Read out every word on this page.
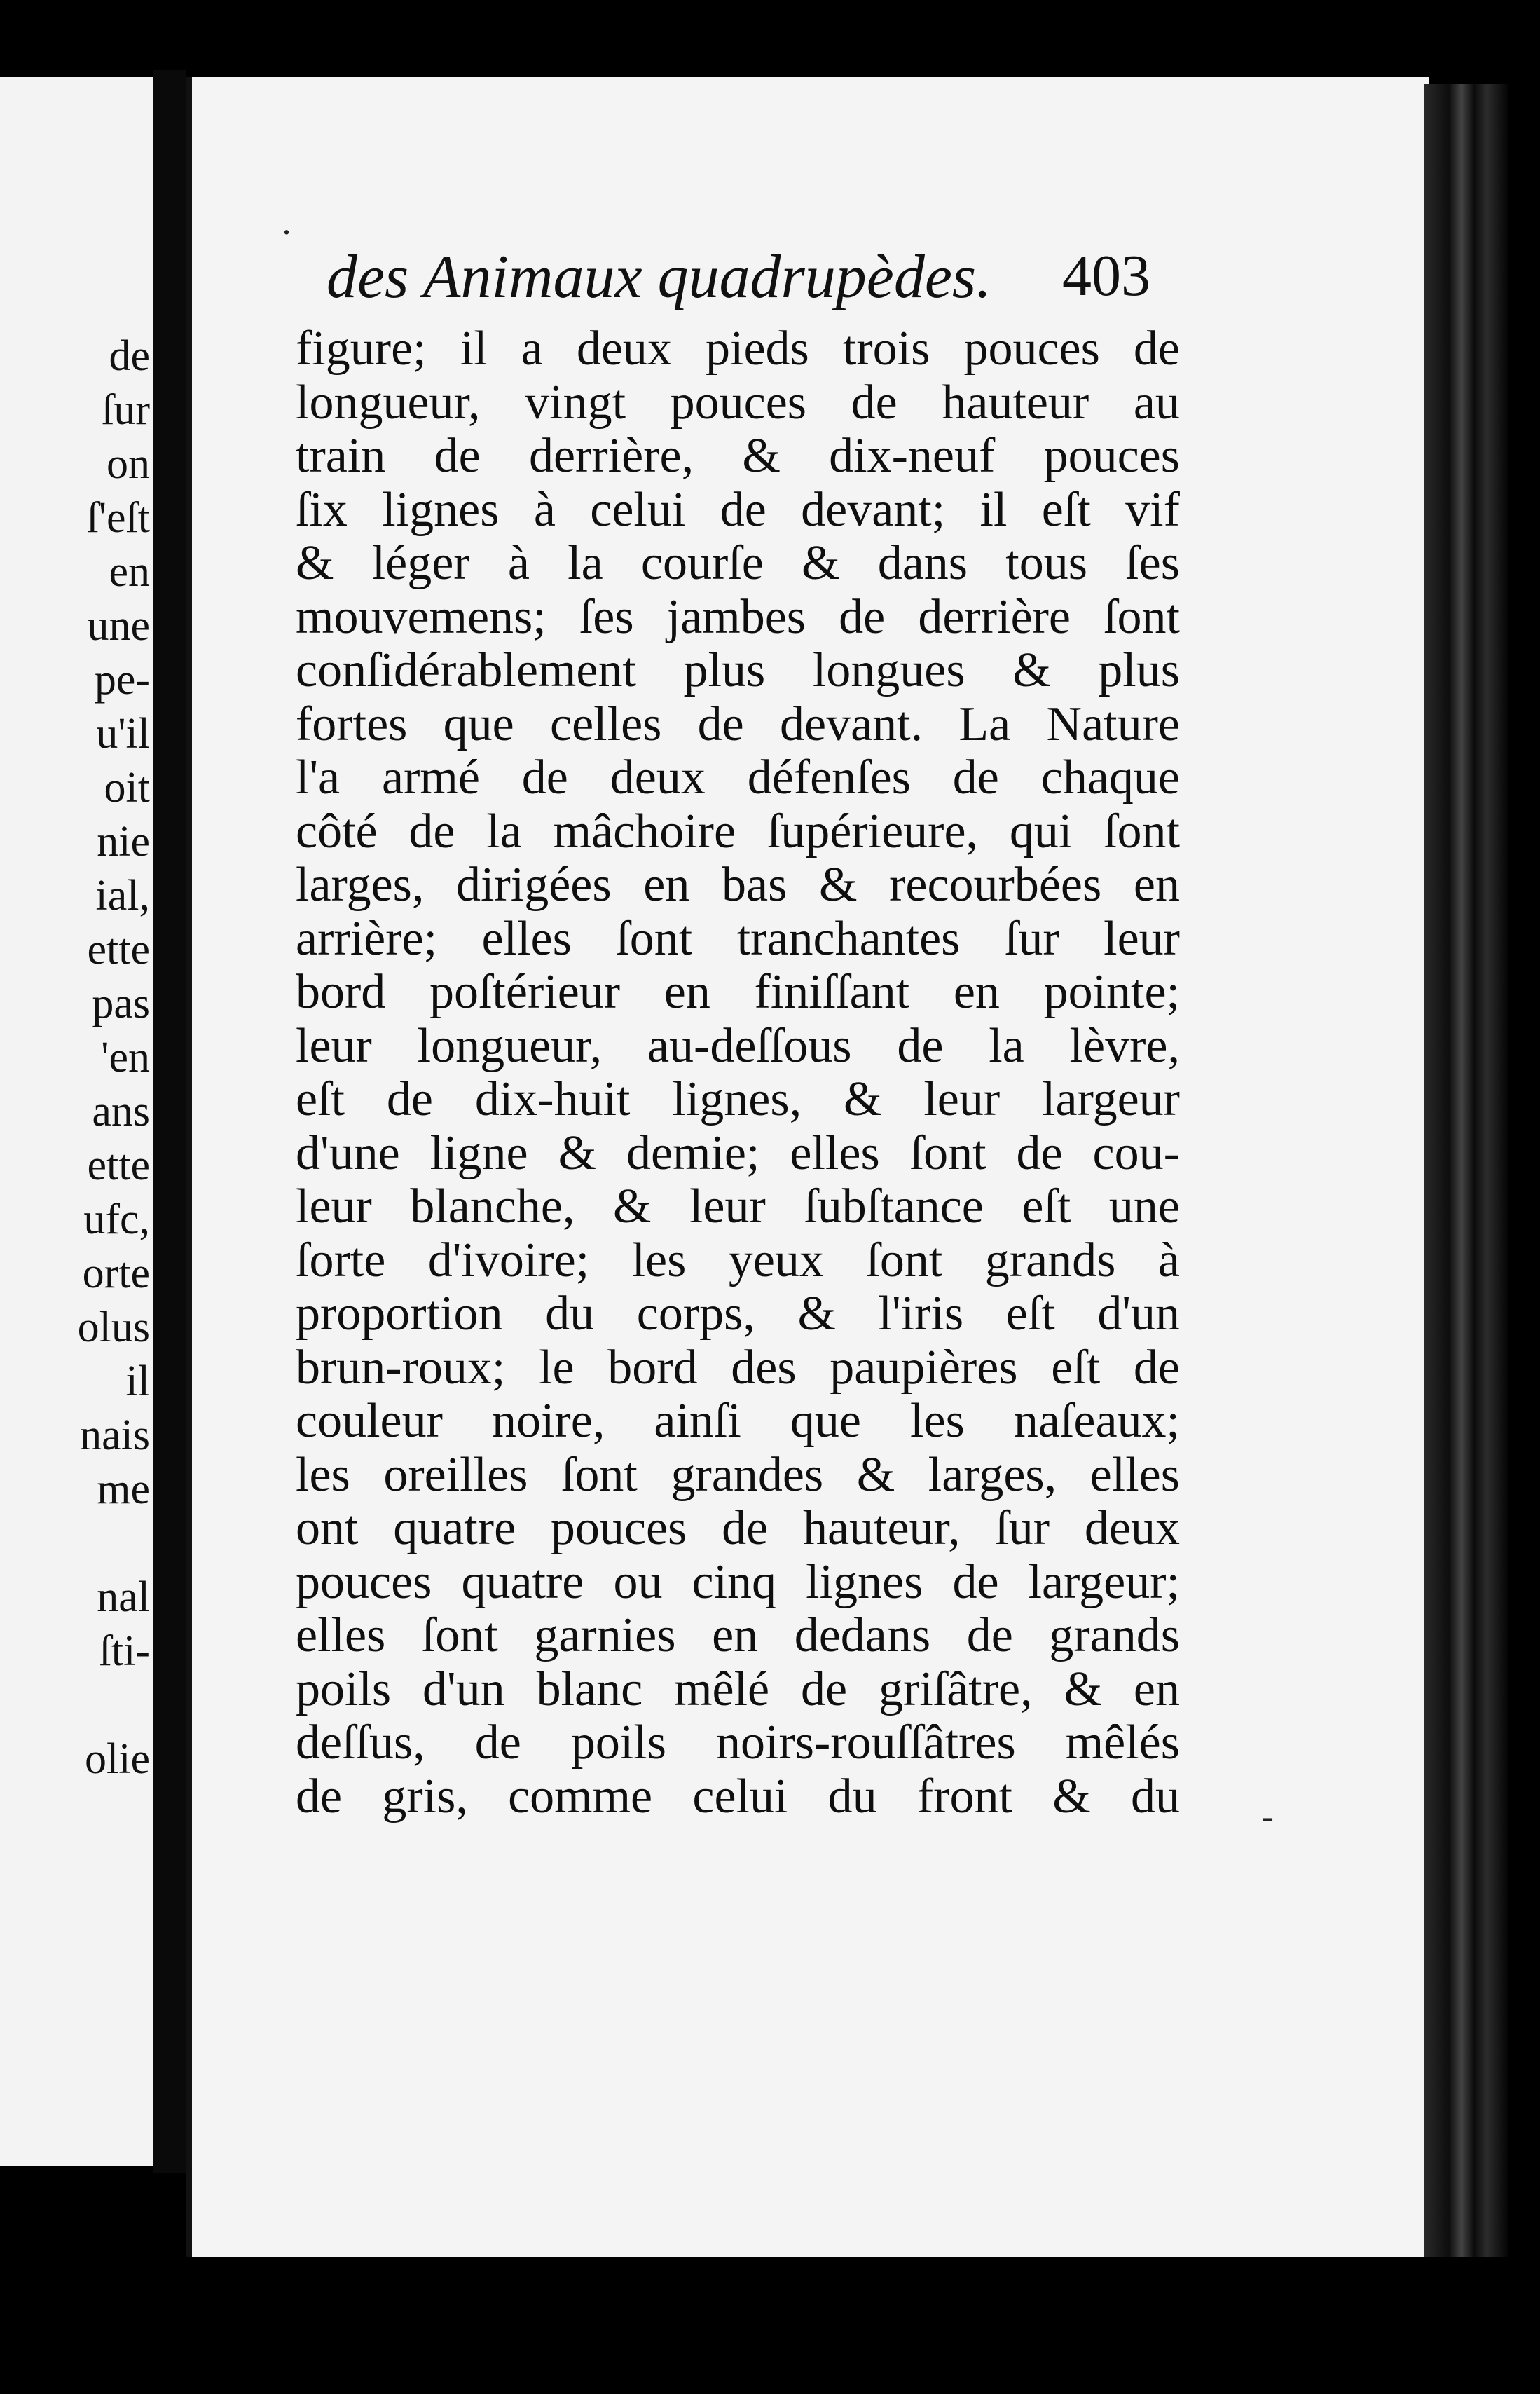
de
ſur
on
ſ'eſt
en
une
pe-
u'il
oit
nie
ial,
ette
pas
'en
ans
ette
ufc,
orte
olus
il
nais
me
nal
ſti-
olie
·
‐
des Animaux quadrupèdes. 403
figure; il a deux pieds trois pouces de
longueur, vingt pouces de hauteur au
train de derrière, & dix-neuf pouces
ſix lignes à celui de devant; il eſt vif
& léger à la courſe & dans tous ſes
mouvemens; ſes jambes de derrière ſont
conſidérablement plus longues & plus
fortes que celles de devant. La Nature
l'a armé de deux défenſes de chaque
côté de la mâchoire ſupérieure, qui ſont
larges, dirigées en bas & recourbées en
arrière; elles ſont tranchantes ſur leur
bord poſtérieur en finiſſant en pointe;
leur longueur, au-deſſous de la lèvre,
eſt de dix-huit lignes, & leur largeur
d'une ligne & demie; elles ſont de cou-
leur blanche, & leur ſubſtance eſt une
ſorte d'ivoire; les yeux ſont grands à
proportion du corps, & l'iris eſt d'un
brun-roux; le bord des paupières eſt de
couleur noire, ainſi que les naſeaux;
les oreilles ſont grandes & larges, elles
ont quatre pouces de hauteur, ſur deux
pouces quatre ou cinq lignes de largeur;
elles ſont garnies en dedans de grands
poils d'un blanc mêlé de griſâtre, & en
deſſus, de poils noirs-rouſſâtres mêlés
de gris, comme celui du front & du
